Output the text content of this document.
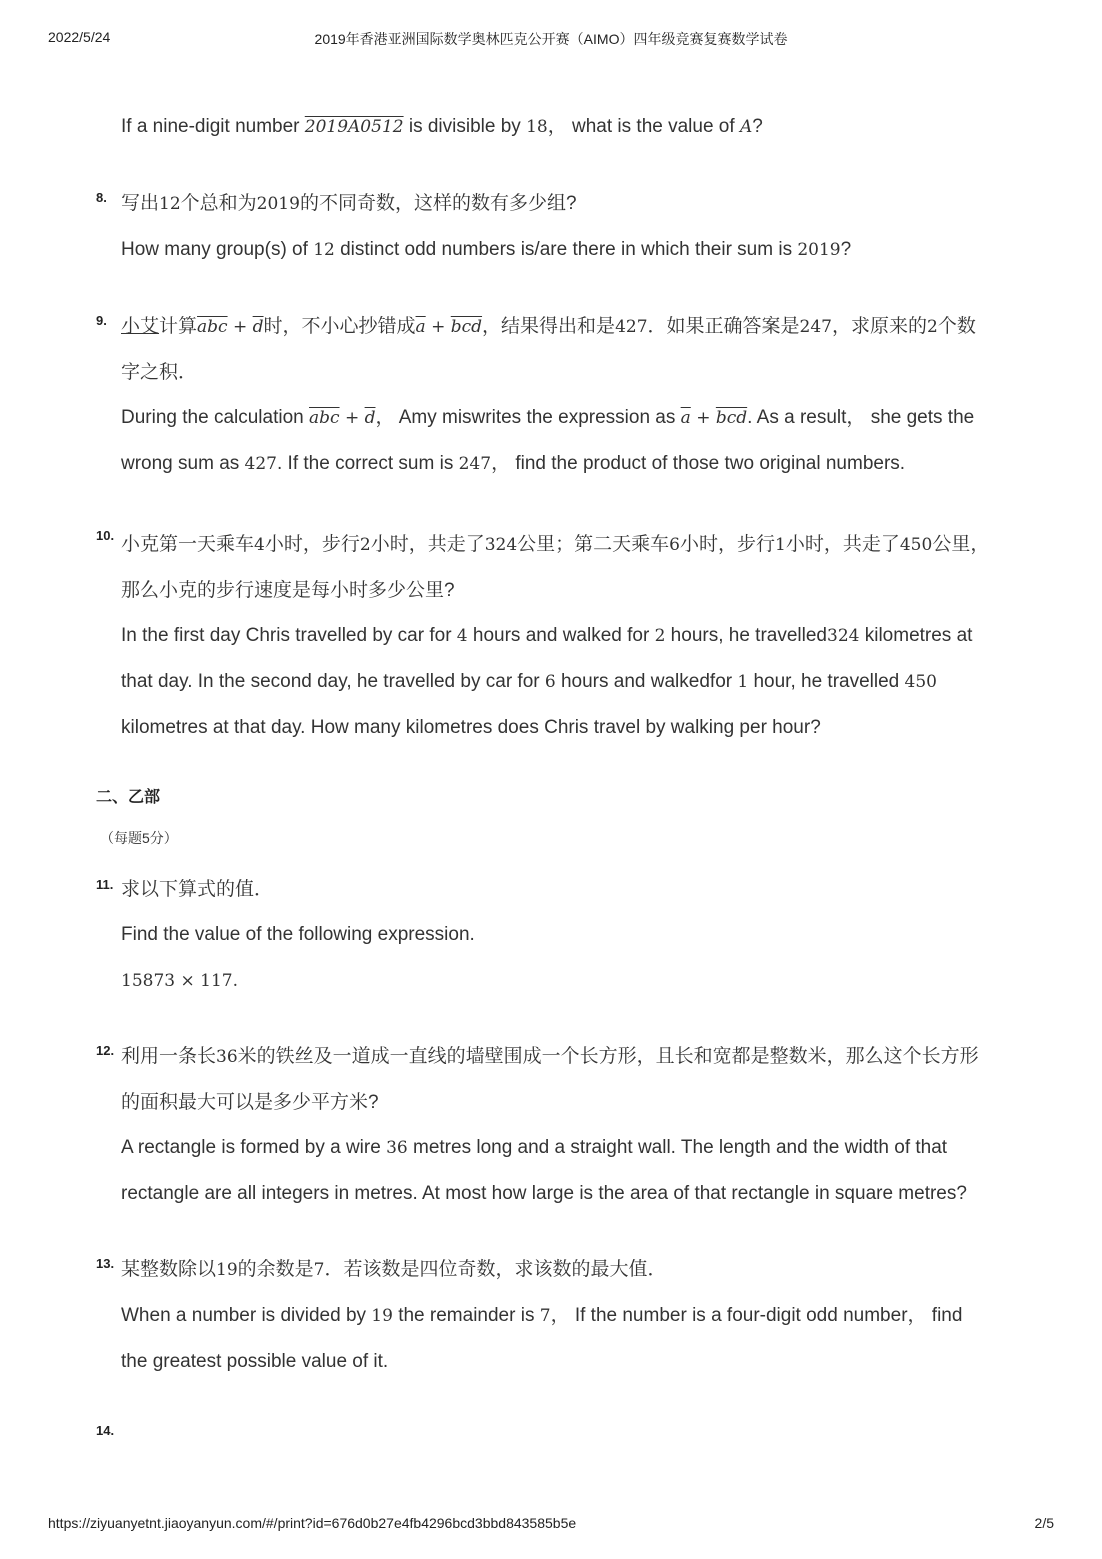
2022/5/24	2019年香港亚洲国际数学奥林匹克公开赛（AIMO）四年级竞赛复赛数学试卷
If a nine-digit number 2019A0512 is divisible by 18， what is the value of A?
8. 写出12个总和为2019的不同奇数，这样的数有多少组?
How many group(s) of 12 distinct odd numbers is/are there in which their sum is 2019?
9. 小艾计算$\overline{abc} + \overline{d}$时，不小心抄错成$\overline{a} + \overline{bcd}$，结果得出和是427．如果正确答案是247，求原来的2个数
字之积．
During the calculation $\overline{abc} + \overline{d}$， Amy miswrites the expression as $\overline{a} + \overline{bcd}$. As a result， she gets the
wrong sum as 427. If the correct sum is 247， find the product of those two original numbers.
10. 小克第一天乘车4小时，步行2小时，共走了324公里；第二天乘车6小时，步行1小时，共走了450公里，
那么小克的步行速度是每小时多少公里?
In the first day Chris travelled by car for 4 hours and walked for 2 hours, he travelled324 kilometres at
that day. In the second day, he travelled by car for 6 hours and walkedfor 1 hour, he travelled 450
kilometres at that day. How many kilometres does Chris travel by walking per hour?
二、乙部
（每题5分）
11. 求以下算式的值．
Find the value of the following expression.
15873 × 117.
12. 利用一条长36米的铁丝及一道成一直线的墙壁围成一个长方形，且长和宽都是整数米，那么这个长方形
的面积最大可以是多少平方米?
A rectangle is formed by a wire 36 metres long and a straight wall. The length and the width of that
rectangle are all integers in metres. At most how large is the area of that rectangle in square metres?
13. 某整数除以19的余数是7．若该数是四位奇数，求该数的最大值．
When a number is divided by 19 the remainder is 7， If the number is a four-digit odd number， find
the greatest possible value of it.
14.
https://ziyuanyetnt.jiaoyanyun.com/#/print?id=676d0b27e4fb4296bcd3bbd843585b5e	2/5
